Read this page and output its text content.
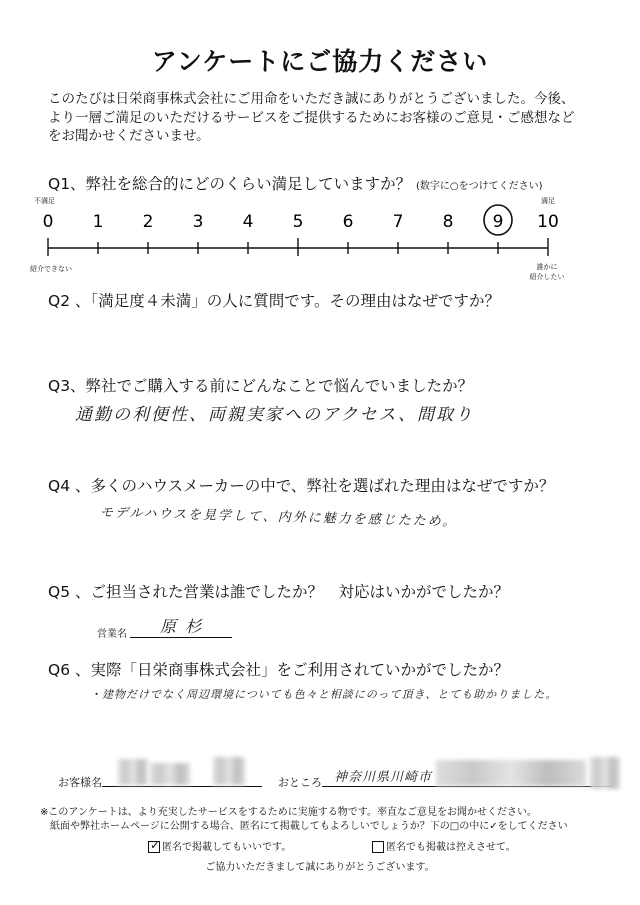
アンケートにご協力ください
このたびは日栄商事株式会社にご用命をいただき誠にありがとうございました。今後、
より一層ご満足のいただけるサービスをご提供するためにお客様のご意見・ご感想など
をお聞かせくださいませ。
Q1、弊社を総合的にどのくらい満足していますか？ (数字に○をつけてください)
不満足	満足
0 1 2 3 4 5 6 7 8 9 10
紹介できない	誰かに
紹介したい
Q2 、「満足度４未満」の人に質問です。その理由はなぜですか？
Q3、弊社でご購入する前にどんなことで悩んでいましたか？
通勤の利便性、両親実家へのアクセス、間取り
Q4 、多くのハウスメーカーの中で、弊社を選ばれた理由はなぜですか？
モデルハウスを見学して、内外に魅力を感じたため。
Q5 、ご担当された営業は誰でしたか？　対応はいかがでしたか？
営業名 原 杉
Q6 、実際「日栄商事株式会社」をご利用されていかがでしたか？
・建物だけでなく周辺環境についても色々と相談にのって頂き、とても助かりました。
お客様名	おところ 神奈川県川崎市
※このアンケートは、より充実したサービスをするために実施する物です。率直なご意見をお聞かせください。
紙面や弊社ホームページに公開する場合、匿名にて掲載してもよろしいでしょうか？下の□の中に✓をしてください
✓ 匿名で掲載してもいいです。	匿名でも掲載は控えさせて。
ご協力いただきまして誠にありがとうございます。
